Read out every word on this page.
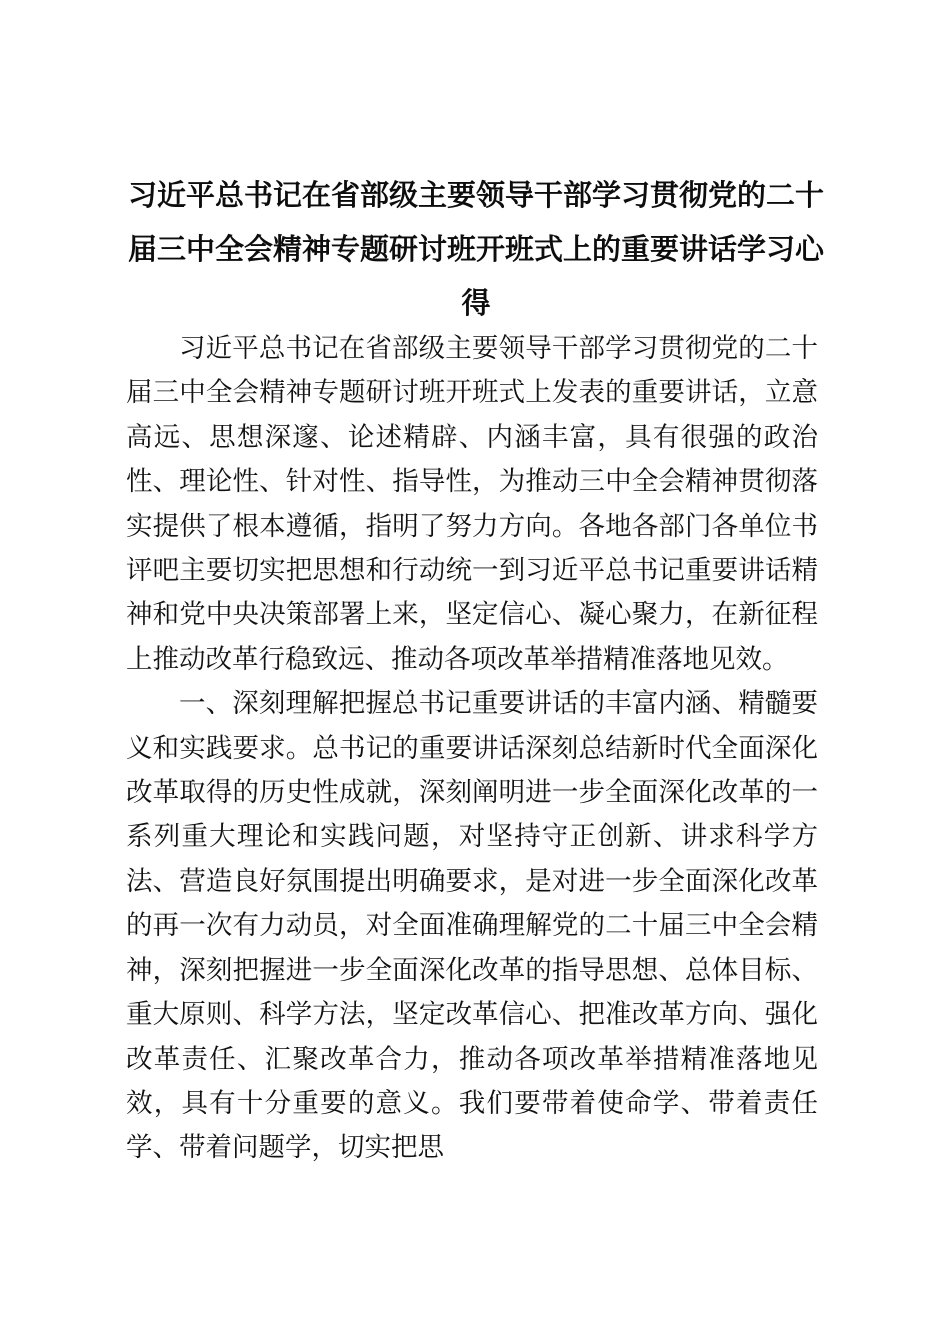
习近平总书记在省部级主要领导干部学习贯彻党的二十届三中全会精神专题研讨班开班式上的重要讲话学习心得

习近平总书记在省部级主要领导干部学习贯彻党的二十届三中全会精神专题研讨班开班式上发表的重要讲话，立意高远、思想深邃、论述精辟、内涵丰富，具有很强的政治性、理论性、针对性、指导性，为推动三中全会精神贯彻落实提供了根本遵循，指明了努力方向。各地各部门各单位书评吧主要切实把思想和行动统一到习近平总书记重要讲话精神和党中央决策部署上来，坚定信心、凝心聚力，在新征程上推动改革行稳致远、推动各项改革举措精准落地见效。

一、深刻理解把握总书记重要讲话的丰富内涵、精髓要义和实践要求。总书记的重要讲话深刻总结新时代全面深化改革取得的历史性成就，深刻阐明进一步全面深化改革的一系列重大理论和实践问题，对坚持守正创新、讲求科学方法、营造良好氛围提出明确要求，是对进一步全面深化改革的再一次有力动员，对全面准确理解党的二十届三中全会精神，深刻把握进一步全面深化改革的指导思想、总体目标、重大原则、科学方法，坚定改革信心、把准改革方向、强化改革责任、汇聚改革合力，推动各项改革举措精准落地见效，具有十分重要的意义。我们要带着使命学、带着责任学、带着问题学，切实把思
